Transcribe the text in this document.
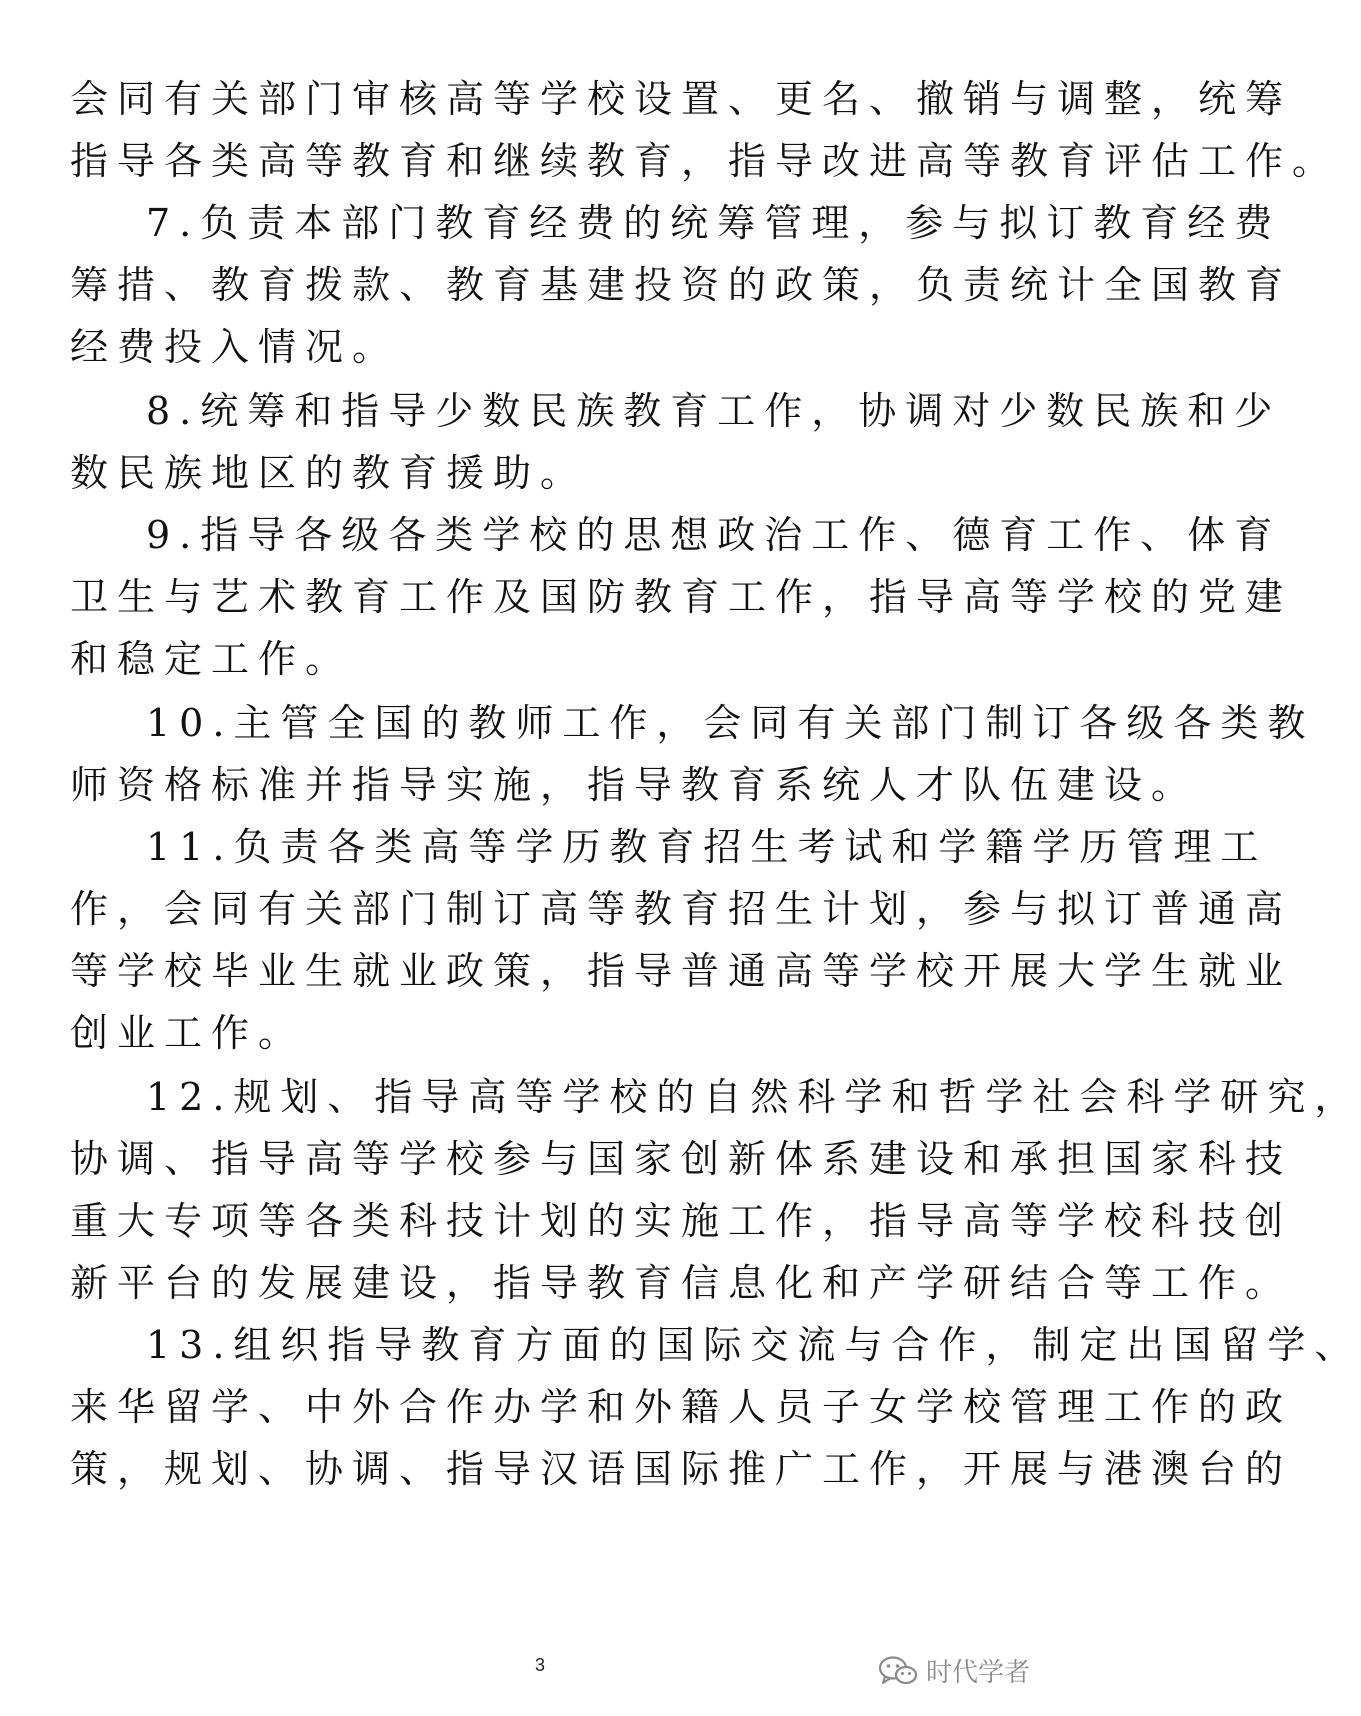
会同有关部门审核高等学校设置、更名、撤销与调整，统筹
指导各类高等教育和继续教育，指导改进高等教育评估工作。
7.负责本部门教育经费的统筹管理，参与拟订教育经费
筹措、教育拨款、教育基建投资的政策，负责统计全国教育
经费投入情况。
8.统筹和指导少数民族教育工作，协调对少数民族和少
数民族地区的教育援助。
9.指导各级各类学校的思想政治工作、德育工作、体育
卫生与艺术教育工作及国防教育工作，指导高等学校的党建
和稳定工作。
10.主管全国的教师工作，会同有关部门制订各级各类教
师资格标准并指导实施，指导教育系统人才队伍建设。
11.负责各类高等学历教育招生考试和学籍学历管理工
作，会同有关部门制订高等教育招生计划，参与拟订普通高
等学校毕业生就业政策，指导普通高等学校开展大学生就业
创业工作。
12.规划、指导高等学校的自然科学和哲学社会科学研究，
协调、指导高等学校参与国家创新体系建设和承担国家科技
重大专项等各类科技计划的实施工作，指导高等学校科技创
新平台的发展建设，指导教育信息化和产学研结合等工作。
13.组织指导教育方面的国际交流与合作，制定出国留学、
来华留学、中外合作办学和外籍人员子女学校管理工作的政
策，规划、协调、指导汉语国际推广工作，开展与港澳台的
3	时代学者
